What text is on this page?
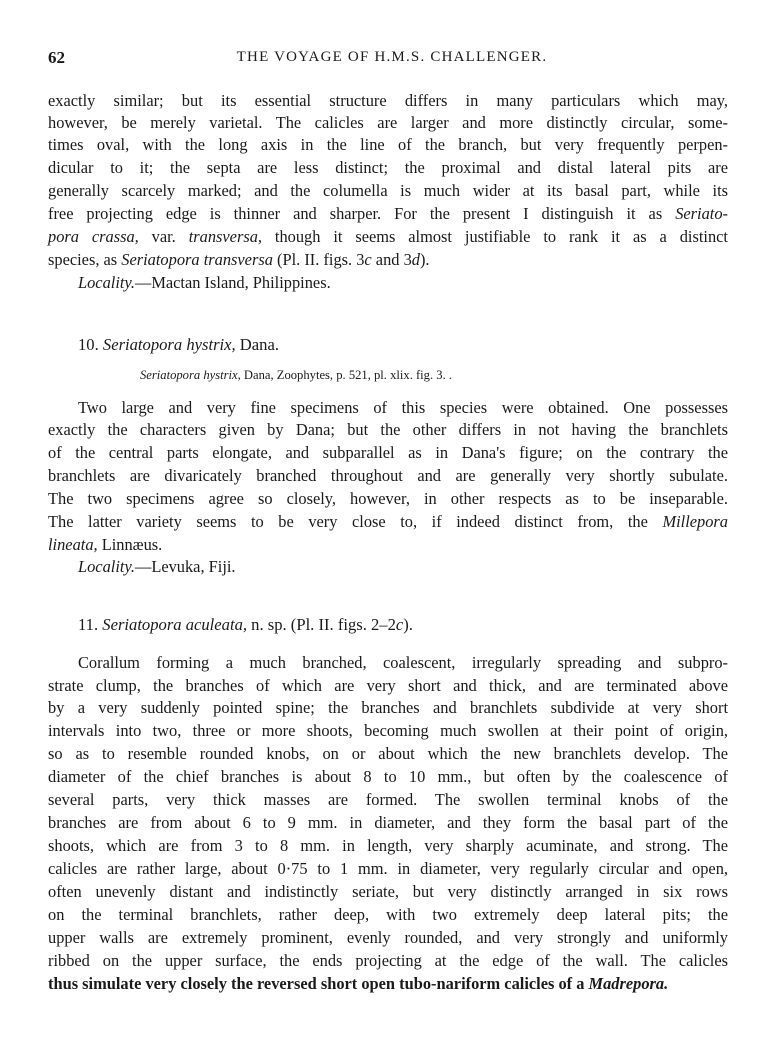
62	THE VOYAGE OF H.M.S. CHALLENGER.
exactly similar; but its essential structure differs in many particulars which may,
however, be merely varietal. The calicles are larger and more distinctly circular, some-
times oval, with the long axis in the line of the branch, but very frequently perpen-
dicular to it; the septa are less distinct; the proximal and distal lateral pits are
generally scarcely marked; and the columella is much wider at its basal part, while its
free projecting edge is thinner and sharper. For the present I distinguish it as Seriato-
pora crassa, var. transversa, though it seems almost justifiable to rank it as a distinct
species, as Seriatopora transversa (Pl. II. figs. 3c and 3d).
Locality.—Mactan Island, Philippines.
10. Seriatopora hystrix, Dana.
Seriatopora hystrix, Dana, Zoophytes, p. 521, pl. xlix. fig. 3. .
Two large and very fine specimens of this species were obtained. One possesses
exactly the characters given by Dana; but the other differs in not having the branchlets
of the central parts elongate, and subparallel as in Dana's figure; on the contrary the
branchlets are divaricately branched throughout and are generally very shortly subulate.
The two specimens agree so closely, however, in other respects as to be inseparable.
The latter variety seems to be very close to, if indeed distinct from, the Millepora
lineata, Linnæus.
Locality.—Levuka, Fiji.
11. Seriatopora aculeata, n. sp. (Pl. II. figs. 2–2c).
Corallum forming a much branched, coalescent, irregularly spreading and subpro-
strate clump, the branches of which are very short and thick, and are terminated above
by a very suddenly pointed spine; the branches and branchlets subdivide at very short
intervals into two, three or more shoots, becoming much swollen at their point of origin,
so as to resemble rounded knobs, on or about which the new branchlets develop. The
diameter of the chief branches is about 8 to 10 mm., but often by the coalescence of
several parts, very thick masses are formed. The swollen terminal knobs of the
branches are from about 6 to 9 mm. in diameter, and they form the basal part of the
shoots, which are from 3 to 8 mm. in length, very sharply acuminate, and strong. The
calicles are rather large, about 0·75 to 1 mm. in diameter, very regularly circular and open,
often unevenly distant and indistinctly seriate, but very distinctly arranged in six rows
on the terminal branchlets, rather deep, with two extremely deep lateral pits; the
upper walls are extremely prominent, evenly rounded, and very strongly and uniformly
ribbed on the upper surface, the ends projecting at the edge of the wall. The calicles
thus simulate very closely the reversed short open tubo-nariform calicles of a Madrepora.
